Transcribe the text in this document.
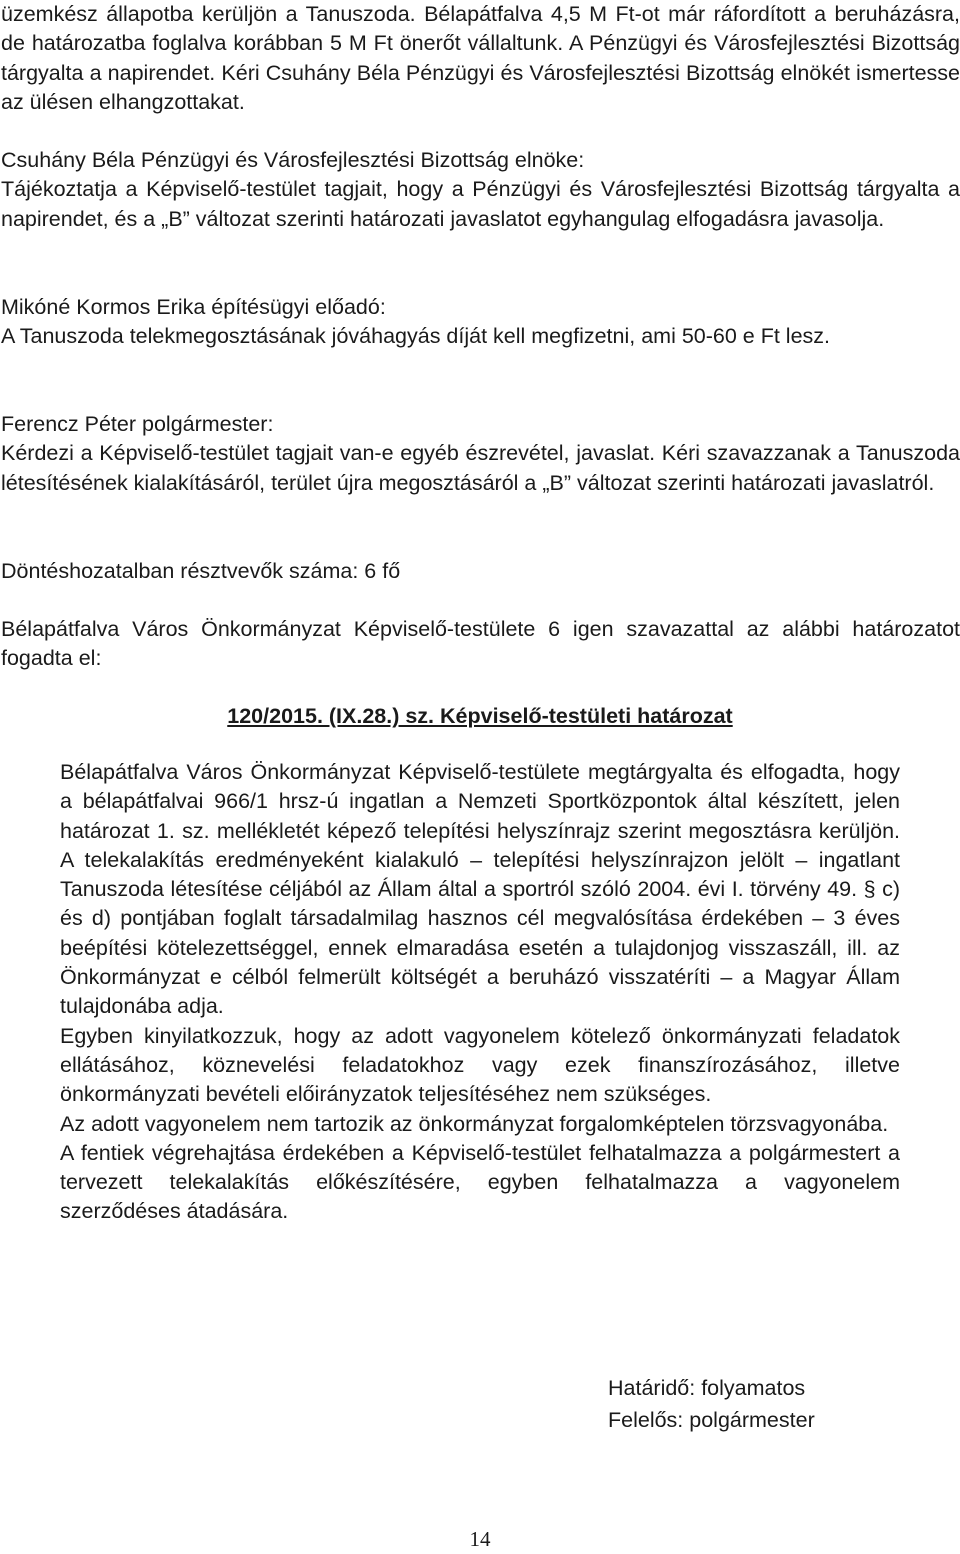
üzemkész állapotba kerüljön a Tanuszoda. Bélapátfalva 4,5 M Ft-ot már ráfordított a beruházásra, de határozatba foglalva korábban 5 M Ft önerőt vállaltunk. A Pénzügyi és Városfejlesztési Bizottság tárgyalta a napirendet. Kéri Csuhány Béla Pénzügyi és Városfejlesztési Bizottság elnökét ismertesse az ülésen elhangzottakat.

Csuhány Béla Pénzügyi és Városfejlesztési Bizottság elnöke:

Tájékoztatja a Képviselő-testület tagjait, hogy a Pénzügyi és Városfejlesztési Bizottság tárgyalta a napirendet, és a „B” változat szerinti határozati javaslatot egyhangulag elfogadásra javasolja.

Mikóné Kormos Erika építésügyi előadó:

A Tanuszoda telekmegosztásának jóváhagyás díját kell megfizetni, ami 50-60 e Ft lesz.

Ferencz Péter polgármester:

Kérdezi a Képviselő-testület tagjait van-e egyéb észrevétel, javaslat. Kéri szavazzanak a Tanuszoda létesítésének kialakításáról, terület újra megosztásáról a „B” változat szerinti határozati javaslatról.

Döntéshozatalban résztvevők száma: 6 fő

Bélapátfalva Város Önkormányzat Képviselő-testülete 6 igen szavazattal az alábbi határozatot fogadta el:

120/2015. (IX.28.) sz. Képviselő-testületi határozat

Bélapátfalva Város Önkormányzat Képviselő-testülete megtárgyalta és elfogadta, hogy a bélapátfalvai 966/1 hrsz-ú ingatlan a Nemzeti Sportközpontok által készített, jelen határozat 1. sz. mellékletét képező telepítési helyszínrajz szerint megosztásra kerüljön. A telekalakítás eredményeként kialakuló – telepítési helyszínrajzon jelölt – ingatlant Tanuszoda létesítése céljából az Állam által a sportról szóló 2004. évi I. törvény 49. § c) és d) pontjában foglalt társadalmilag hasznos cél megvalósítása érdekében – 3 éves beépítési kötelezettséggel, ennek elmaradása esetén a tulajdonjog visszaszáll, ill. az Önkormányzat e célból felmerült költségét a beruházó visszatéríti – a Magyar Állam tulajdonába adja.

Egyben kinyilatkozzuk, hogy az adott vagyonelem kötelező önkormányzati feladatok ellátásához, köznevelési feladatokhoz vagy ezek finanszírozásához, illetve önkormányzati bevételi előirányzatok teljesítéséhez nem szükséges.

Az adott vagyonelem nem tartozik az önkormányzat forgalomképtelen törzsvagyonába.

A fentiek végrehajtása érdekében a Képviselő-testület felhatalmazza a polgármestert a tervezett telekalakítás előkészítésére, egyben felhatalmazza a vagyonelem szerződéses átadására.

Határidő: folyamatos
Felelős: polgármester
14
